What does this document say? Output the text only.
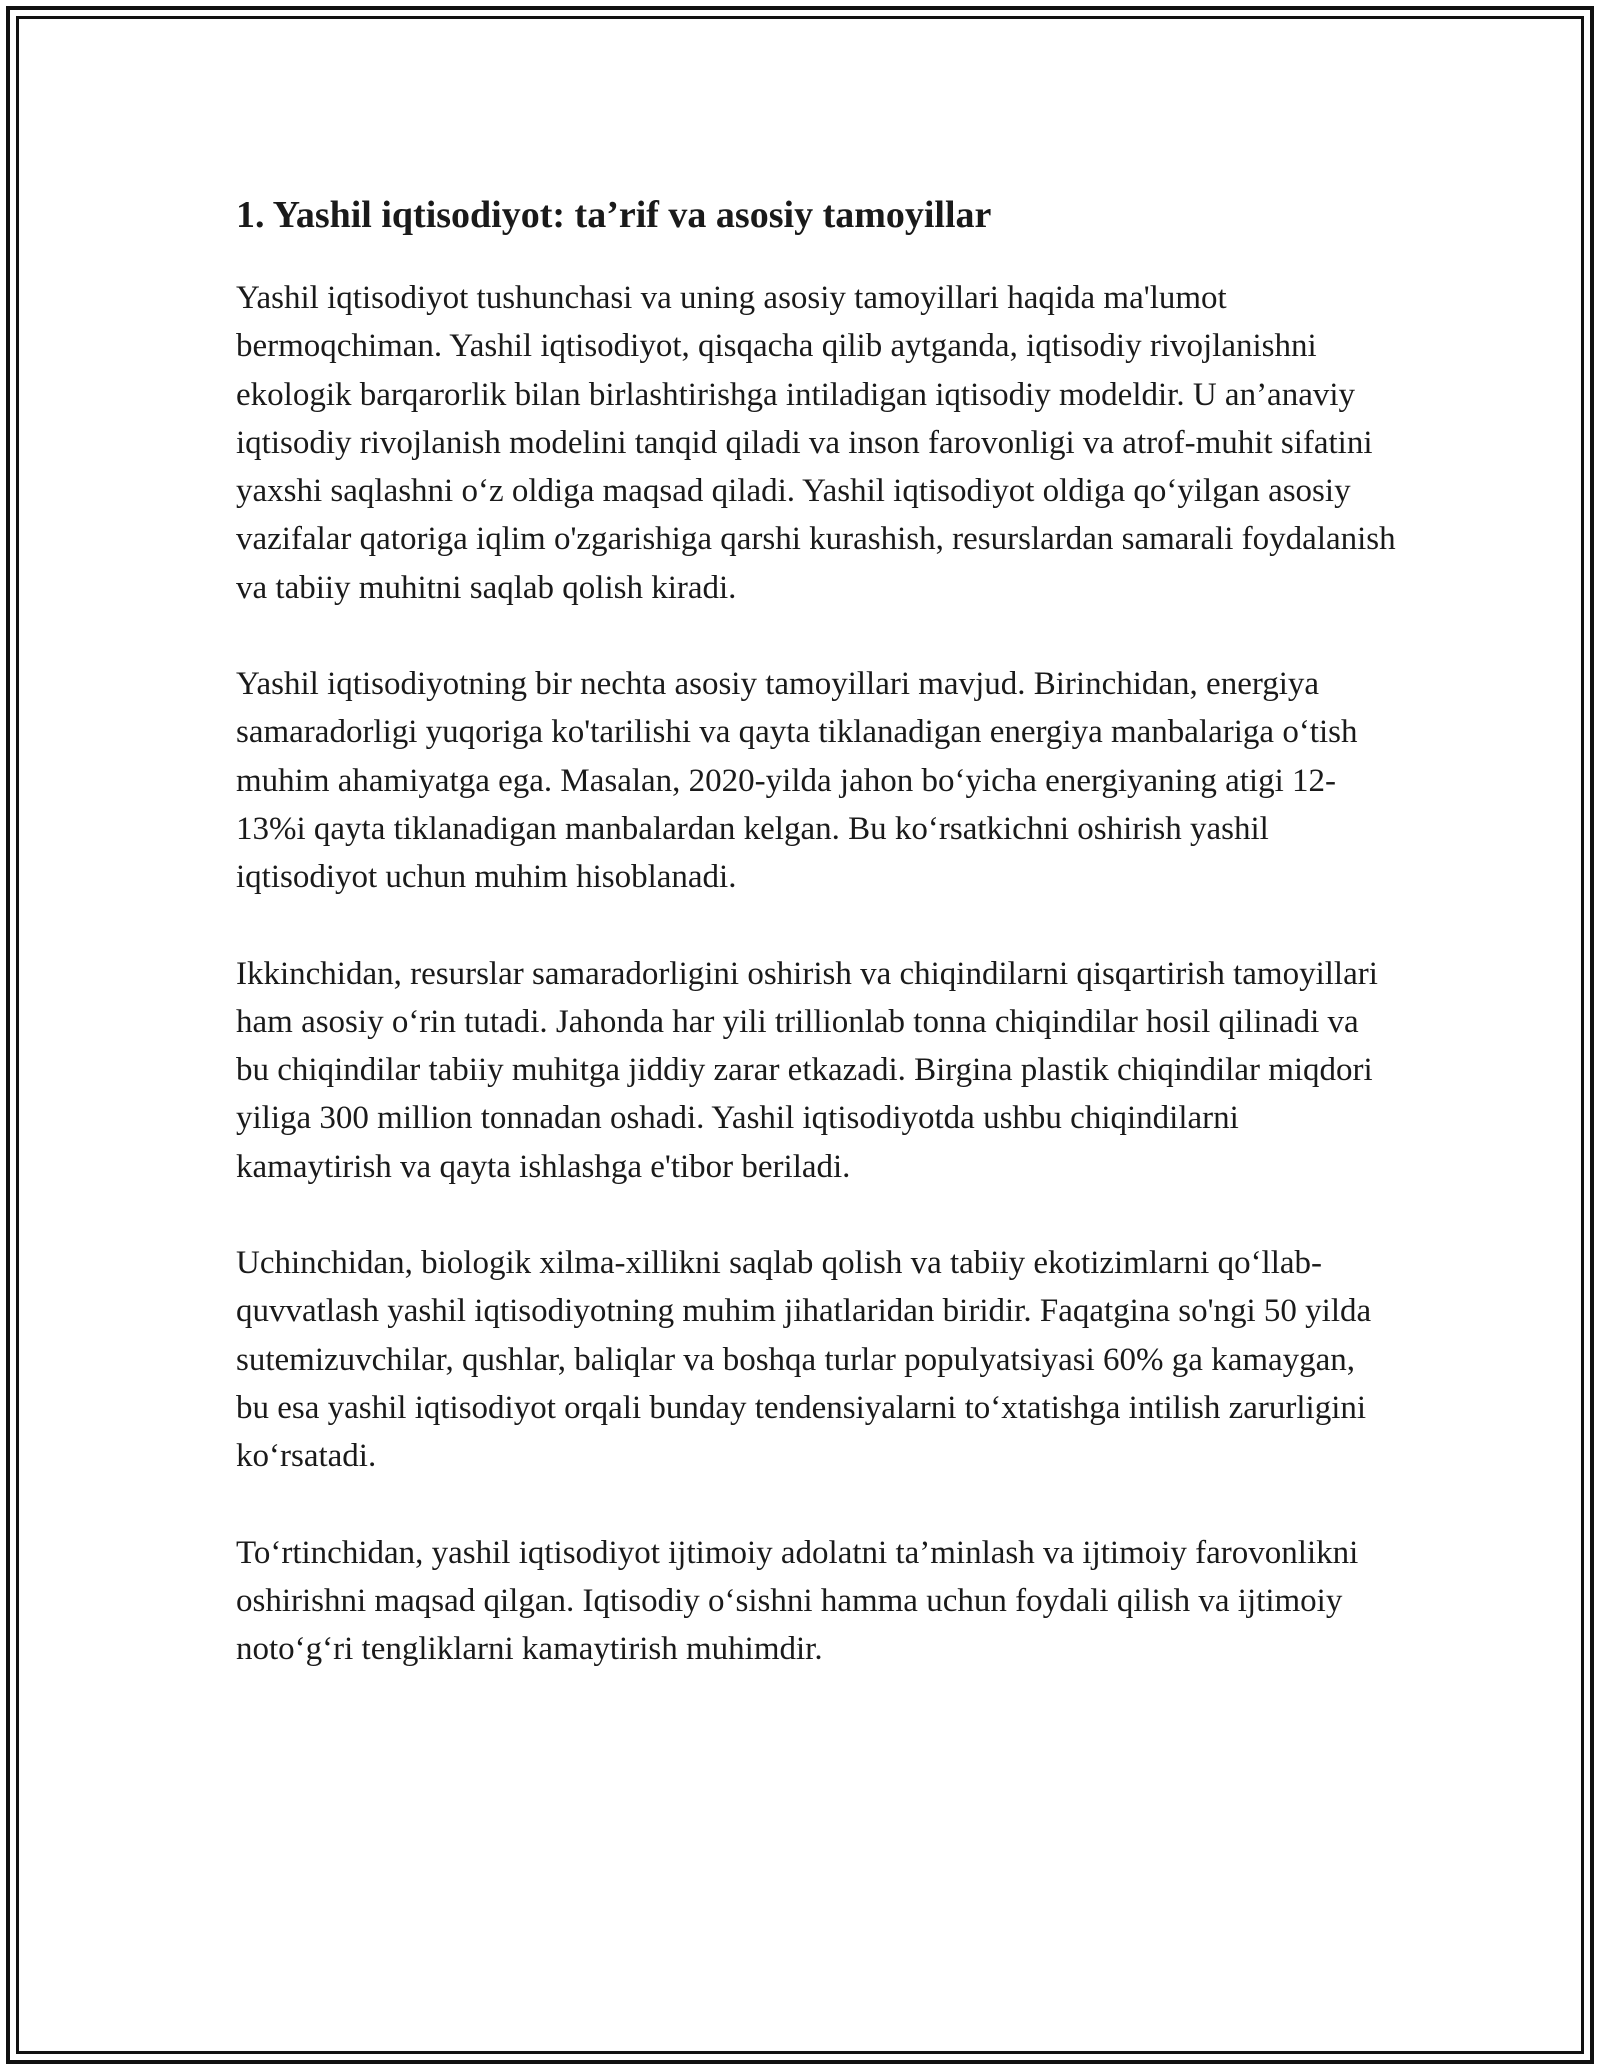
1. Yashil iqtisodiyot: ta’rif va asosiy tamoyillar

Yashil iqtisodiyot tushunchasi va uning asosiy tamoyillari haqida ma'lumot bermoqchiman. Yashil iqtisodiyot, qisqacha qilib aytganda, iqtisodiy rivojlanishni ekologik barqarorlik bilan birlashtirishga intiladigan iqtisodiy modeldir. U an’anaviy iqtisodiy rivojlanish modelini tanqid qiladi va inson farovonligi va atrof-muhit sifatini yaxshi saqlashni o‘z oldiga maqsad qiladi. Yashil iqtisodiyot oldiga qo‘yilgan asosiy vazifalar qatoriga iqlim o'zgarishiga qarshi kurashish, resurslardan samarali foydalanish va tabiiy muhitni saqlab qolish kiradi.

Yashil iqtisodiyotning bir nechta asosiy tamoyillari mavjud. Birinchidan, energiya samaradorligi yuqoriga ko'tarilishi va qayta tiklanadigan energiya manbalariga o‘tish muhim ahamiyatga ega. Masalan, 2020-yilda jahon bo‘yicha energiyaning atigi 12-13%i qayta tiklanadigan manbalardan kelgan. Bu ko‘rsatkichni oshirish yashil iqtisodiyot uchun muhim hisoblanadi.

Ikkinchidan, resurslar samaradorligini oshirish va chiqindilarni qisqartirish tamoyillari ham asosiy o‘rin tutadi. Jahonda har yili trillionlab tonna chiqindilar hosil qilinadi va bu chiqindilar tabiiy muhitga jiddiy zarar etkazadi. Birgina plastik chiqindilar miqdori yiliga 300 million tonnadan oshadi. Yashil iqtisodiyotda ushbu chiqindilarni kamaytirish va qayta ishlashga e'tibor beriladi.

Uchinchidan, biologik xilma-xillikni saqlab qolish va tabiiy ekotizimlarni qo‘llab-quvvatlash yashil iqtisodiyotning muhim jihatlaridan biridir. Faqatgina so'ngi 50 yilda sutemizuvchilar, qushlar, baliqlar va boshqa turlar populyatsiyasi 60% ga kamaygan, bu esa yashil iqtisodiyot orqali bunday tendensiyalarni to‘xtatishga intilish zarurligini ko‘rsatadi.

To‘rtinchidan, yashil iqtisodiyot ijtimoiy adolatni ta’minlash va ijtimoiy farovonlikni oshirishni maqsad qilgan. Iqtisodiy o‘sishni hamma uchun foydali qilish va ijtimoiy noto‘g‘ri tengliklarni kamaytirish muhimdir.
